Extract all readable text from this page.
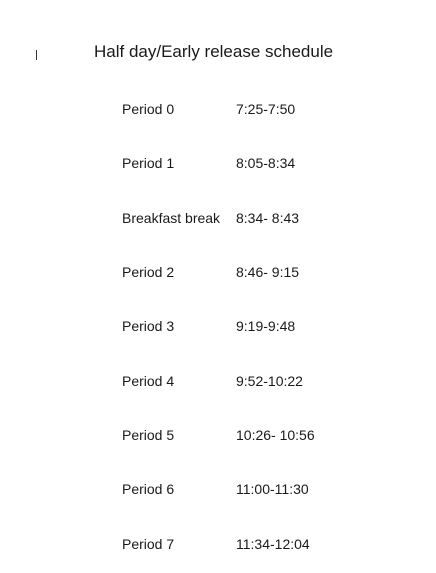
Half day/Early release schedule
Period 0	7:25-7:50
Period 1	8:05-8:34
Breakfast break 8:34- 8:43
Period 2	8:46- 9:15
Period 3	9:19-9:48
Period 4	9:52-10:22
Period 5	10:26- 10:56
Period 6	11:00-11:30
Period 7	11:34-12:04
